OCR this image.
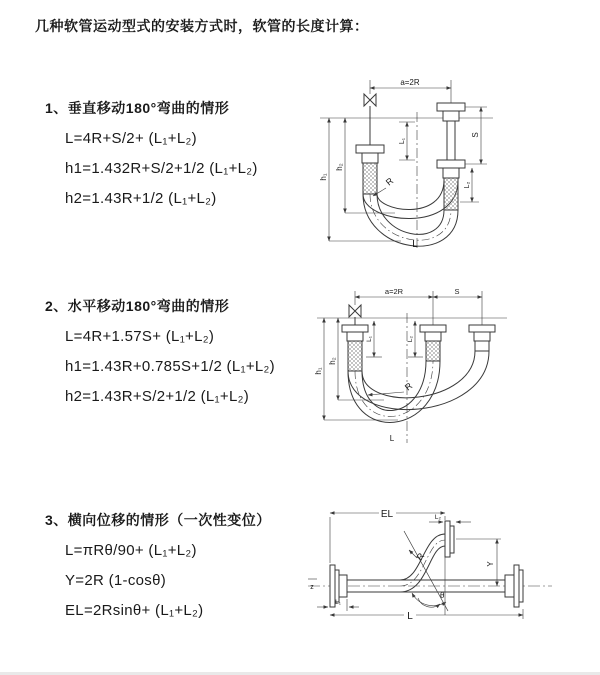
几种软管运动型式的安装方式时，软管的长度计算：
1、垂直移动180°弯曲的情形
L=4R+S/2+ (L₁+L₂)
h1=1.432R+S/2+1/2 (L₁+L₂)
h2=1.43R+1/2 (L₁+L₂)
2、水平移动180°弯曲的情形
L=4R+1.57S+ (L₁+L₂)
h1=1.43R+0.785S+1/2 (L₁+L₂)
h2=1.43R+S/2+1/2 (L₁+L₂)
3、横向位移的情形（一次性变位）
L=πRθ/90+ (L₁+L₂)
Y=2R (1-cosθ)
EL=2Rsinθ+ (L₁+L₂)
a=2R
h₁
h₂
L₁
S
L₂
R
L
a=2R	S
h₁
h₂
L₁	L₂
R
L
EL	L₂
Y
R
θ
L
L₁
z
